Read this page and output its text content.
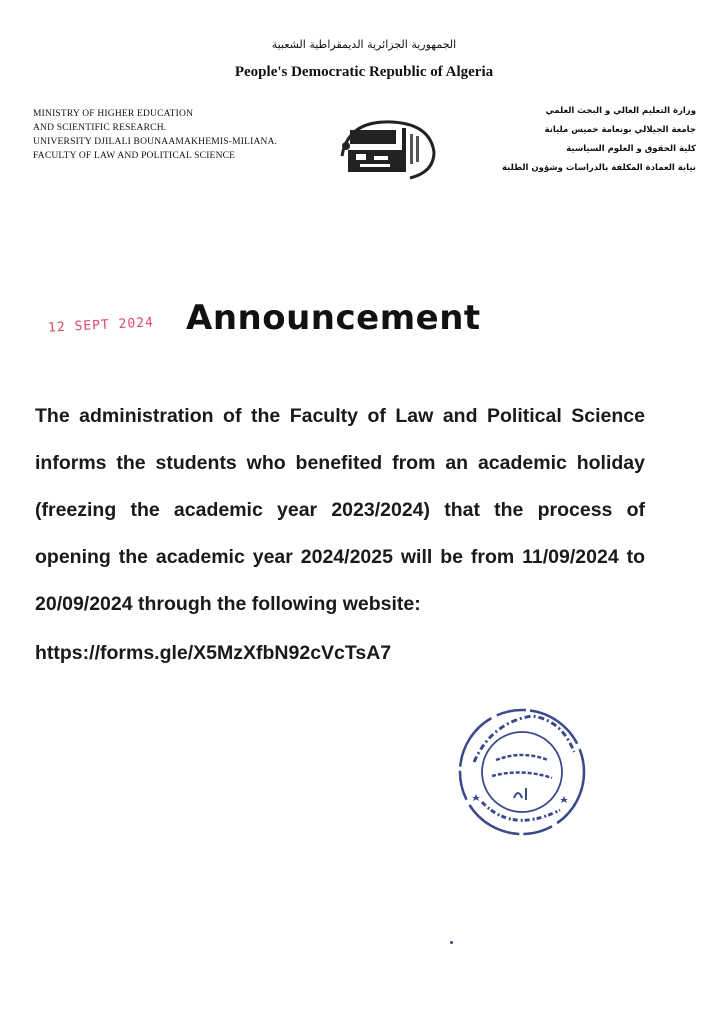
الجمهورية الجزائرية الديمقراطية الشعبية
People's Democratic Republic of Algeria
MINISTRY OF HIGHER EDUCATION
AND SCIENTIFIC RESEARCH.
UNIVERSITY DJILALI BOUNAAMAKHEMIS-MILIANA.
FACULTY OF LAW AND POLITICAL SCIENCE
وزارة التعليم العالي و البحث العلمي
جامعة الجيلالي بونعامة خميس مليانة
كلية الحقوق و العلوم السياسية
نيابة العمادة المكلفة بالدراسات وشؤون الطلبة
12 SEPT 2024 Announcement
The administration of the Faculty of Law and Political Science informs the students who benefited from an academic holiday (freezing the academic year 2023/2024) that the process of opening the academic year 2024/2025 will be from 11/09/2024 to 20/09/2024 through the following website:
https://forms.gle/X5MzXfbN92cVcTsA7
